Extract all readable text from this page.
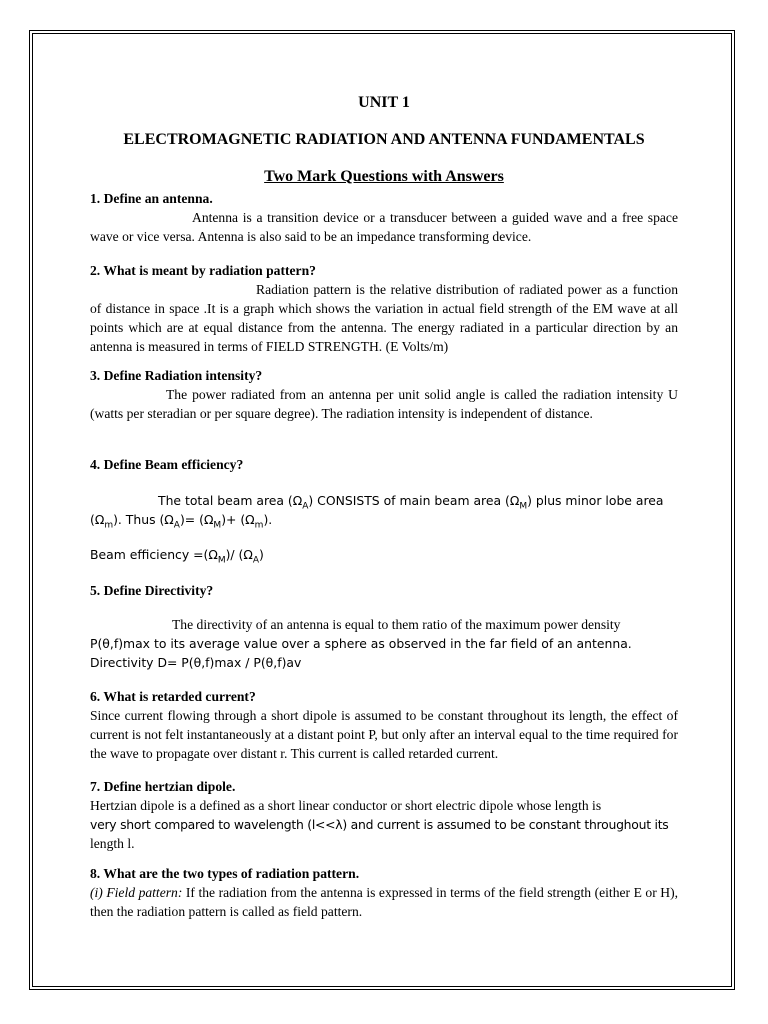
UNIT 1
ELECTROMAGNETIC RADIATION AND ANTENNA FUNDAMENTALS
Two Mark Questions with Answers
1. Define an antenna.
Antenna is a transition device or a transducer between a guided wave and a free space wave or vice versa. Antenna is also said to be an impedance transforming device.
2. What is meant by radiation pattern?
Radiation pattern is the relative distribution of radiated power as a function of distance in space .It is a graph which shows the variation in actual field strength of the EM wave at all points which are at equal distance from the antenna. The energy radiated in a particular direction by an antenna is measured in terms of FIELD STRENGTH. (E Volts/m)
3. Define Radiation intensity?
The power radiated from an antenna per unit solid angle is called the radiation intensity U (watts per steradian or per square degree). The radiation intensity is independent of distance.
4. Define Beam efficiency?
The total beam area $(\Omega_A)$ CONSISTS of main beam area $(\Omega_M)$ plus minor lobe area
$(\Omega_m)$. Thus $(\Omega_A)= (\Omega_M)+ (\Omega_m)$.
Beam efficiency $=(\Omega_M)/$ $(\Omega_A)$
5. Define Directivity?
The directivity of an antenna is equal to them ratio of the maximum power density
P(θ,f)max to its average value over a sphere as observed in the far field of an antenna.
Directivity D= P(θ,f)max / P(θ,f)av
6. What is retarded current?
Since current flowing through a short dipole is assumed to be constant throughout its length, the effect of current is not felt instantaneously at a distant point P, but only after an interval equal to the time required for the wave to propagate over distant r. This current is called retarded current.
7. Define hertzian dipole.
Hertzian dipole is a defined as a short linear conductor or short electric dipole whose length is
very short compared to wavelength (l<<λ) and current is assumed to be constant throughout its
length l.
8. What are the two types of radiation pattern.
(i) Field pattern: If the radiation from the antenna is expressed in terms of the field strength (either E or H), then the radiation pattern is called as field pattern.
